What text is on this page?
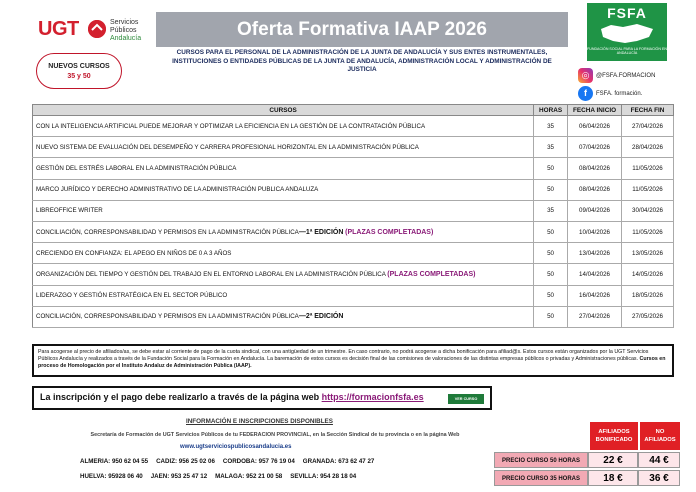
UGT	Servicios
Públicos
Andalucía
NUEVOS CURSOS
35 y 50
Oferta Formativa IAAP 2026
CURSOS PARA EL PERSONAL DE LA ADMINISTRACIÓN DE LA JUNTA DE ANDALUCÍA Y SUS ENTES INSTRUMENTALES, INSTITUCIONES O ENTIDADES PÚBLICAS DE LA JUNTA DE ANDALUCÍA, ADMINISTRACIÓN LOCAL Y ADMINISTRACIÓN DE JUSTICIA
FSFA
FUNDACIÓN SOCIAL PARA LA FORMACIÓN EN ANDALUCÍA
◎	@FSFA.FORMACION
f	FSFA. formación.
CURSOS	HORAS	FECHA INICIO	FECHA FIN
CON LA INTELIGENCIA ARTIFICIAL PUEDE MEJORAR Y OPTIMIZAR LA EFICIENCIA EN LA GESTIÓN DE LA CONTRATACIÓN PÚBLICA	35	06/04/2026	27/04/2026
NUEVO SISTEMA DE EVALUACIÓN DEL DESEMPEÑO Y CARRERA PROFESIONAL HORIZONTAL EN LA ADMINISTRACIÓN PÚBLICA	35	07/04/2026	28/04/2026
GESTIÓN DEL ESTRÉS LABORAL EN LA ADMINISTRACIÓN PÚBLICA	50	08/04/2026	11/05/2026
MARCO JURÍDICO Y DERECHO ADMINISTRATIVO DE LA ADMINISTRACIÓN PUBLICA ANDALUZA	50	08/04/2026	11/05/2026
LIBREOFFICE WRITER	35	09/04/2026	30/04/2026
CONCILIACIÓN, CORRESPONSABILIDAD Y PERMISOS EN LA ADMINISTRACIÓN PÚBLICA—1ª EDICIÓN (PLAZAS COMPLETADAS)	50	10/04/2026	11/05/2026
CRECIENDO EN CONFIANZA: EL APEGO EN NIÑOS DE 0 A 3 AÑOS	50	13/04/2026	13/05/2026
ORGANIZACIÓN DEL TIEMPO Y GESTIÓN DEL TRABAJO EN EL ENTORNO LABORAL EN LA ADMINISTRACIÓN PÚBLICA (PLAZAS COMPLETADAS)	50	14/04/2026	14/05/2026
LIDERAZGO Y GESTIÓN ESTRATÉGICA EN EL SECTOR PÚBLICO	50	16/04/2026	18/05/2026
CONCILIACIÓN, CORRESPONSABILIDAD Y PERMISOS EN LA ADMINISTRACIÓN PÚBLICA—2ª EDICIÓN	50	27/04/2026	27/05/2026
Para acogerse al precio de afiliados/as, se debe estar al corriente de pago de la cuota sindical, con una antigüedad de un trimestre. En caso contrario, no podrá acogerse a dicha bonificación para afiliad@s. Estos cursos están organizados por la UGT Servicios Públicos Andalucía y realizados a través de la Fundación Social para la Formación en Andalucía. La baremación de estos cursos es decisión final de las comisiones de valoraciones de las distintas empresas públicos o privadas y Administraciones públicas. Cursos en proceso de Homologación por el Instituto Andaluz de Administración Pública (IAAP).
La inscripción y el pago debe realizarlo a través de la página web https://formacionfsfa.es	VER CURSO
INFORMACIÓN E INSCRIPCIONES DISPONIBLES
Secretaría de Formación de UGT Servicios Públicos de tu FEDERACION PROVINCIAL, en la Sección Sindical de tu provincia o en la página Web
www.ugtserviciospublicosandalucia.es
ALMERIA: 950 62 04 55 CADIZ: 956 25 02 06 CORDOBA: 957 76 19 04 GRANADA: 673 62 47 27
HUELVA: 95928 06 40 JAEN: 953 25 47 12 MALAGA: 952 21 00 58 SEVILLA: 954 28 18 04
AFILIADOS BONIFICADO
NO AFILIADOS
PRECIO CURSO 50 HORAS	22 €	44 €
PRECIO CURSO 35 HORAS	18 €	36 €
